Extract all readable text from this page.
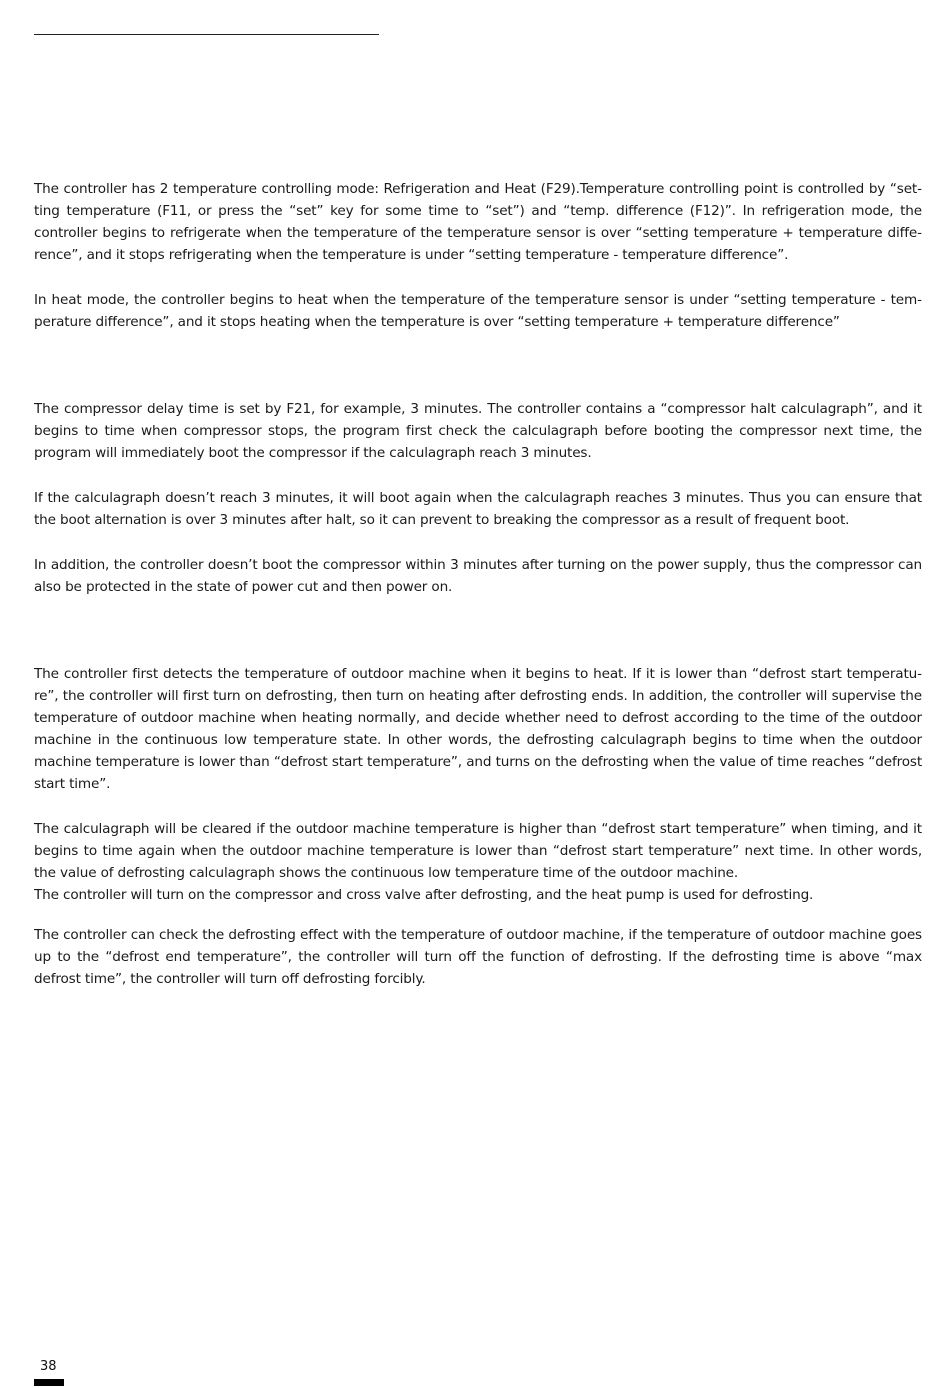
The controller has 2 temperature controlling mode: Refrigeration and Heat (F29).Temperature controlling point is controlled by “setting temperature (F11, or press the “set” key for some time to “set”) and “temp. difference (F12)”. In refrigeration mode, the controller begins to refrigerate when the temperature of the temperature sensor is over “setting temperature + temperature difference”, and it stops refrigerating when the temperature is under “setting temperature - temperature difference”.

In heat mode, the controller begins to heat when the temperature of the temperature sensor is under “setting temperature - temperature difference”, and it stops heating when the temperature is over “setting temperature + temperature difference”

The compressor delay time is set by F21, for example, 3 minutes. The controller contains a “compressor halt calculagraph”, and it begins to time when compressor stops, the program first check the calculagraph before booting the compressor next time, the program will immediately boot the compressor if the calculagraph reach 3 minutes.

If the calculagraph doesn’t reach 3 minutes, it will boot again when the calculagraph reaches 3 minutes. Thus you can ensure that the boot alternation is over 3 minutes after halt, so it can prevent to breaking the compressor as a result of frequent boot.

In addition, the controller doesn’t boot the compressor within 3 minutes after turning on the power supply, thus the compressor can also be protected in the state of power cut and then power on.

The controller first detects the temperature of outdoor machine when it begins to heat. If it is lower than “defrost start temperature”, the controller will first turn on defrosting, then turn on heating after defrosting ends. In addition, the controller will supervise the temperature of outdoor machine when heating normally, and decide whether need to defrost according to the time of the outdoor machine in the continuous low temperature state. In other words, the defrosting calculagraph begins to time when the outdoor machine temperature is lower than “defrost start temperature”, and turns on the defrosting when the value of time reaches “defrost start time”.

The calculagraph will be cleared if the outdoor machine temperature is higher than “defrost start temperature” when timing, and it begins to time again when the outdoor machine temperature is lower than “defrost start temperature” next time. In other words, the value of defrosting calculagraph shows the continuous low temperature time of the outdoor machine.

The controller will turn on the compressor and cross valve after defrosting, and the heat pump is used for defrosting.

The controller can check the defrosting effect with the temperature of outdoor machine, if the temperature of outdoor machine goes up to the “defrost end temperature”, the controller will turn off the function of defrosting. If the defrosting time is above “max defrost time”, the controller will turn off defrosting forcibly.

38
